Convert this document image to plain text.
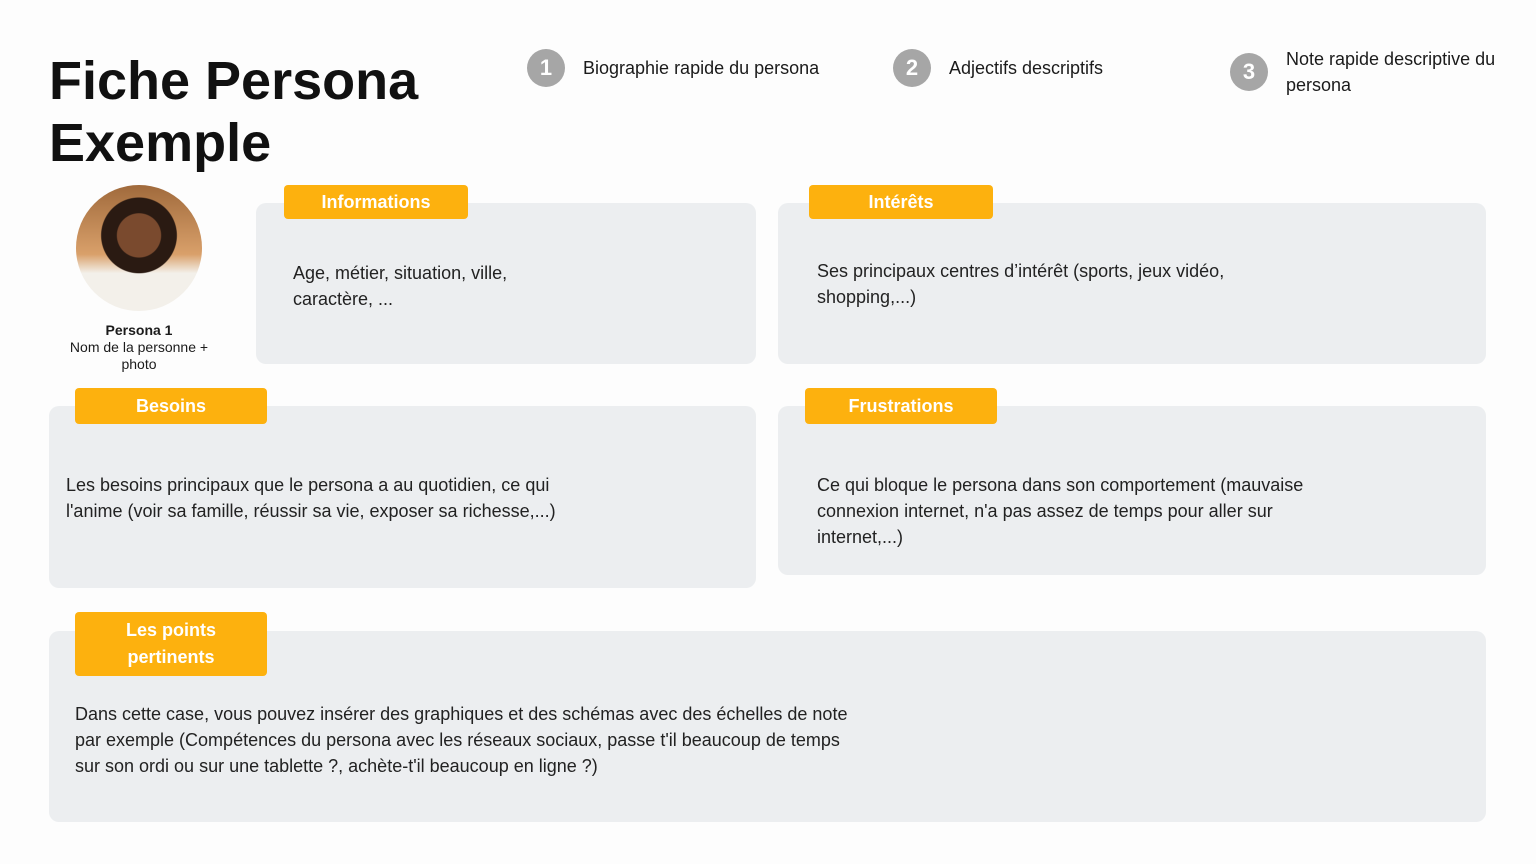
Fiche Persona
Exemple
1	Biographie rapide du persona	2	Adjectifs descriptifs	3	Note rapide descriptive du persona
Persona 1
Nom de la personne + photo
Informations
Age, métier, situation, ville, caractère, ...
Intérêts
Ses principaux centres d’intérêt (sports, jeux vidéo, shopping,...)
Besoins
Les besoins principaux que le persona a au quotidien, ce qui l'anime (voir sa famille, réussir sa vie, exposer sa richesse,...)
Frustrations
Ce qui bloque le persona dans son comportement (mauvaise connexion internet, n'a pas assez de temps pour aller sur internet,...)
Les points pertinents
Dans cette case, vous pouvez insérer des graphiques et des schémas avec des échelles de note par exemple (Compétences du persona avec les réseaux sociaux, passe t'il beaucoup de temps sur son ordi ou sur une tablette ?, achète-t'il beaucoup en ligne ?)
